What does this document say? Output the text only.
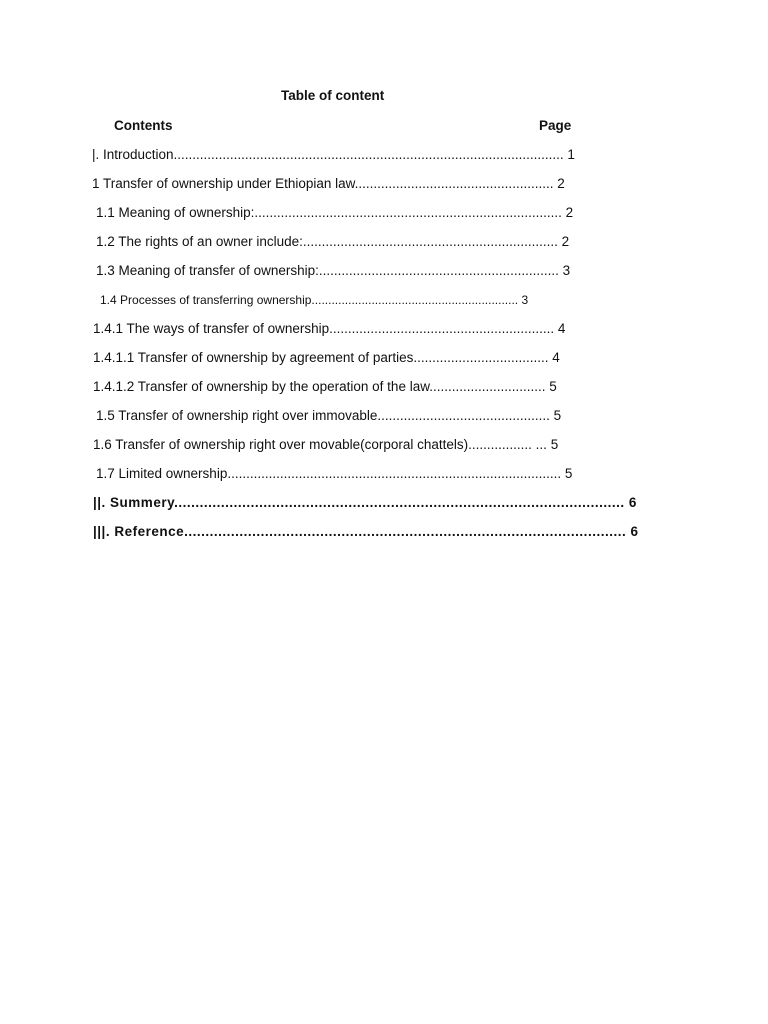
Table of content
Contents	Page
|. Introduction........................................................................................................ 1
1 Transfer of ownership under Ethiopian law..................................................... 2
1.1 Meaning of ownership:.................................................................................. 2
1.2 The rights of an owner include:.................................................................... 2
1.3 Meaning of transfer of ownership:................................................................ 3
1.4 Processes of transferring ownership.............................................................. 3
1.4.1 The ways of transfer of ownership............................................................ 4
1.4.1.1 Transfer of ownership by agreement of parties.................................... 4
1.4.1.2 Transfer of ownership by the operation of the law............................... 5
1.5 Transfer of ownership right over immovable.............................................. 5
1.6 Transfer of ownership right over movable(corporal chattels)................. ... 5
1.7 Limited ownership......................................................................................... 5
||. Summery.......................................................................................................... 6
|||. Reference........................................................................................................ 6
